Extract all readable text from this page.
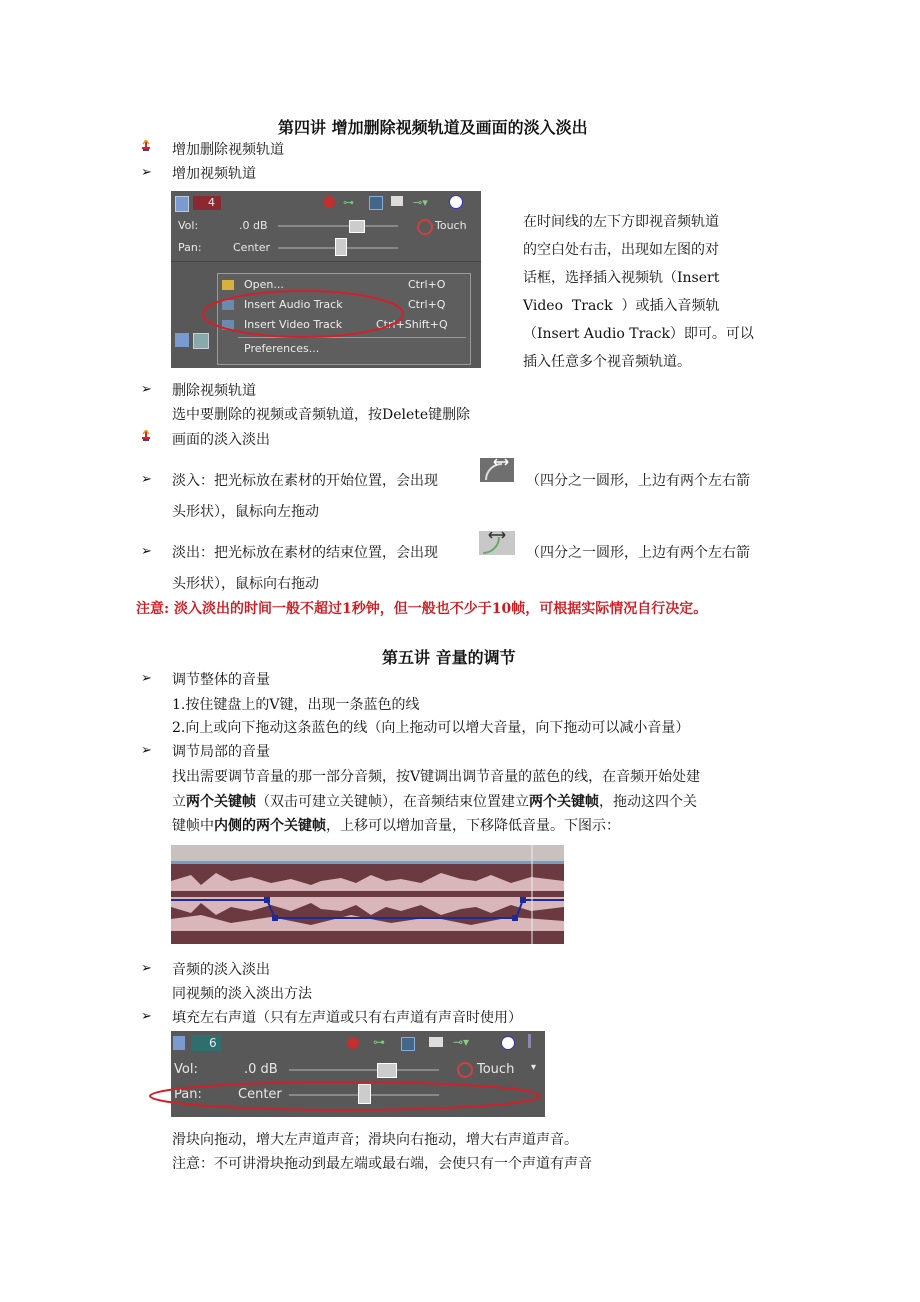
第四讲 增加删除视频轨道及画面的淡入淡出
增加删除视频轨道
➢ 增加视频轨道
4	⊶	⊸▾
Vol:	.0 dB	Touch
Pan:	Center
Open...	Ctrl+O
Insert Audio Track	Ctrl+Q
Insert Video Track	Ctrl+Shift+Q
Preferences...
在时间线的左下方即视音频轨道
的空白处右击，出现如左图的对
话框，选择插入视频轨（Insert
Video  Track  ）或插入音频轨
（Insert Audio Track）即可。可以
插入任意多个视音频轨道。
➢ 删除视频轨道
选中要删除的视频或音频轨道，按Delete键删除
画面的淡入淡出
➢ 淡入：把光标放在素材的开始位置，会出现	（四分之一圆形，上边有两个左右箭
头形状），鼠标向左拖动
➢ 淡出：把光标放在素材的结束位置，会出现	（四分之一圆形，上边有两个左右箭
头形状），鼠标向右拖动
注意: 淡入淡出的时间一般不超过1秒钟，但一般也不少于10帧，可根据实际情况自行决定。
第五讲 音量的调节
➢ 调节整体的音量
1.按住键盘上的V键，出现一条蓝色的线
2.向上或向下拖动这条蓝色的线（向上拖动可以增大音量，向下拖动可以减小音量）
➢ 调节局部的音量
找出需要调节音量的那一部分音频，按V键调出调节音量的蓝色的线，在音频开始处建
立两个关键帧（双击可建立关键帧），在音频结束位置建立两个关键帧，拖动这四个关
键帧中内侧的两个关键帧，上移可以增加音量，下移降低音量。下图示：
➢ 音频的淡入淡出
同视频的淡入淡出方法
➢ 填充左右声道（只有左声道或只有右声道有声音时使用）
6	⊶	⊸▾
Vol:	.0 dB	Touch ▾
Pan:	Center
滑块向拖动，增大左声道声音；滑块向右拖动，增大右声道声音。
注意：不可讲滑块拖动到最左端或最右端，会使只有一个声道有声音
